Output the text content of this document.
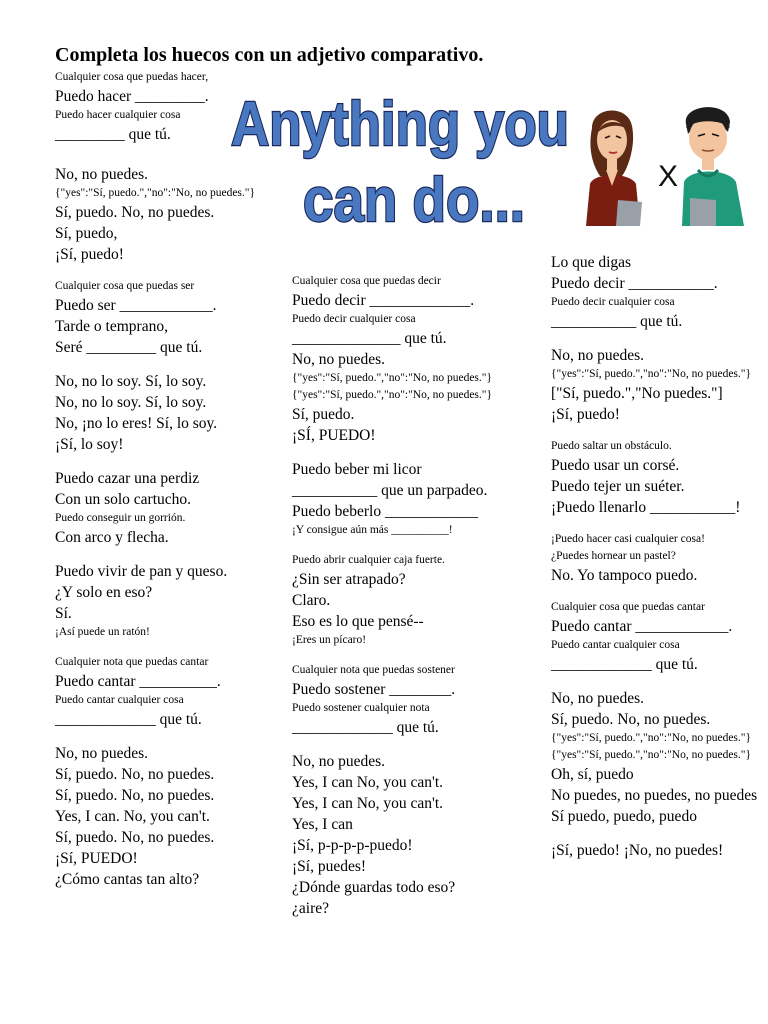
Completa los huecos con un adjetivo comparativo.
Anything you
can do...	X
Cualquier cosa que puedas hacer,
Puedo hacer _________.
Puedo hacer cualquier cosa
_________ que tú.
No, no puedes.
{"yes":"Sí, puedo.","no":"No, no puedes."}
Sí, puedo. No, no puedes.
Sí, puedo,
¡Sí, puedo!
Cualquier cosa que puedas ser
Puedo ser ____________.
Tarde o temprano,
Seré _________ que tú.
No, no lo soy. Sí, lo soy.
No, no lo soy. Sí, lo soy.
No, ¡no lo eres! Sí, lo soy.
¡Sí, lo soy!
Puedo cazar una perdiz
Con un solo cartucho.
Puedo conseguir un gorrión.
Con arco y flecha.
Puedo vivir de pan y queso.
¿Y solo en eso?
Sí.
¡Así puede un ratón!
Cualquier nota que puedas cantar
Puedo cantar __________.
Puedo cantar cualquier cosa
_____________ que tú.
No, no puedes.
Sí, puedo. No, no puedes.
Sí, puedo. No, no puedes.
Yes, I can. No, you can't.
Sí, puedo. No, no puedes.
¡Sí, PUEDO!
¿Cómo cantas tan alto?
Cualquier cosa que puedas decir
Puedo decir _____________.
Puedo decir cualquier cosa
______________ que tú.
No, no puedes.
{"yes":"Sí, puedo.","no":"No, no puedes."}
{"yes":"Sí, puedo.","no":"No, no puedes."}
Sí, puedo.
¡SÍ, PUEDO!
Puedo beber mi licor
___________ que un parpadeo.
Puedo beberlo ____________
¡Y consigue aún más __________!
Puedo abrir cualquier caja fuerte.
¿Sin ser atrapado?
Claro.
Eso es lo que pensé--
¡Eres un pícaro!
Cualquier nota que puedas sostener
Puedo sostener ________.
Puedo sostener cualquier nota
_____________ que tú.
No, no puedes.
Yes, I can No, you can't.
Yes, I can No, you can't.
Yes, I can
¡Sí, p-p-p-p-puedo!
¡Sí, puedes!
¿Dónde guardas todo eso?
¿aire?
Lo que digas
Puedo decir ___________.
Puedo decir cualquier cosa
___________ que tú.
No, no puedes.
{"yes":"Sí, puedo.","no":"No, no puedes."}
["Sí, puedo.","No puedes."]
¡Sí, puedo!
Puedo saltar un obstáculo.
Puedo usar un corsé.
Puedo tejer un suéter.
¡Puedo llenarlo ___________!
¡Puedo hacer casi cualquier cosa!
¿Puedes hornear un pastel?
No. Yo tampoco puedo.
Cualquier cosa que puedas cantar
Puedo cantar ____________.
Puedo cantar cualquier cosa
_____________ que tú.
No, no puedes.
Sí, puedo. No, no puedes.
{"yes":"Sí, puedo.","no":"No, no puedes."}
{"yes":"Sí, puedo.","no":"No, no puedes."}
Oh, sí, puedo
No puedes, no puedes, no puedes
Sí puedo, puedo, puedo
¡Sí, puedo! ¡No, no puedes!
